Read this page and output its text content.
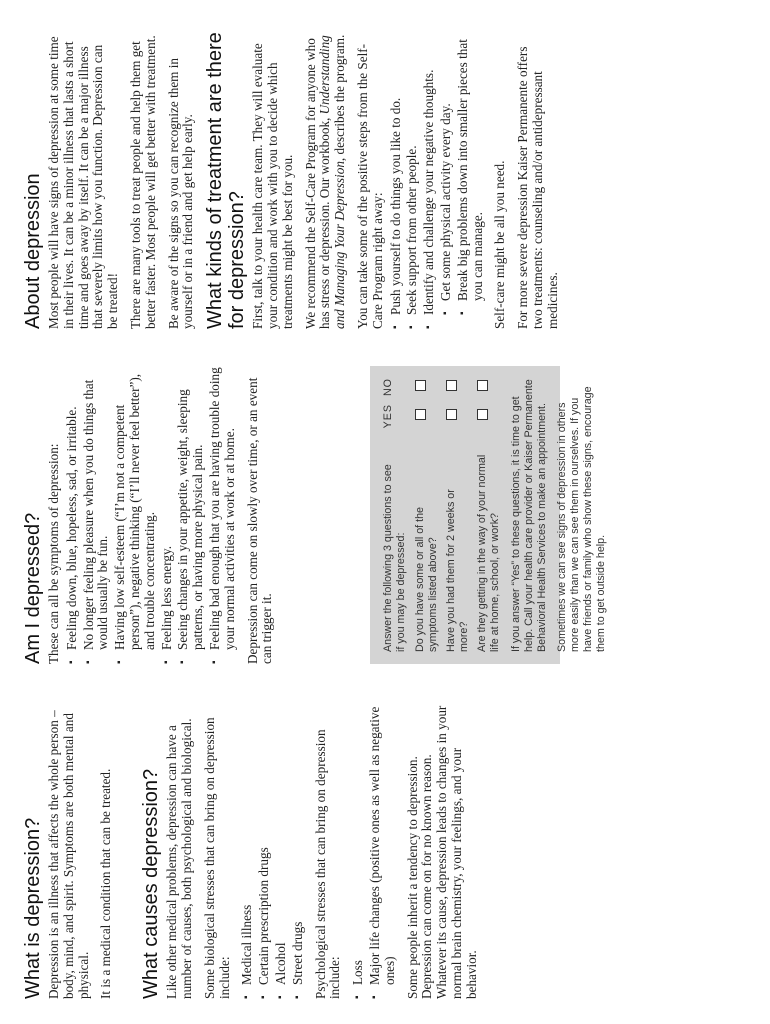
What is depression? Depression is an illness that affects the whole person – body, mind, and spirit. Symptoms are both mental and physical. It is a medical condition that can be treated. What causes depression? Like other medical problems, depression can have a number of causes, both psychological and biological. Some biological stresses that can bring on depression include: ▪ Medical illness ▪ Certain prescription drugs ▪ Alcohol ▪ Street drugs Psychological stresses that can bring on depression include: ▪ Loss ▪ Major life changes (positive ones as well as negative ones) Some people inherit a tendency to depression. Depression can come on for no known reason. Whatever its cause, depression leads to changes in your normal brain chemistry, your feelings, and your behavior.

Am I depressed? These can all be symptoms of depression: ▪ Feeling down, blue, hopeless, sad, or irritable. ▪ No longer feeling pleasure when you do things that would usually be fun. ▪ Having low self-esteem (“I’m not a competent person”), negative thinking (“I’ll never feel better”), and trouble concentrating. ▪ Feeling less energy. ▪ Seeing changes in your appetite, weight, sleeping patterns, or having more physical pain. ▪ Feeling bad enough that you are having trouble doing your normal activities at work or at home. Depression can come on slowly over time, or an event can trigger it.	Answer the following 3 questions to see if you may be depressed:
YES  NO
Do you have some or all of the symptoms listed above? Have you had them for 2 weeks or more? Are they getting in the way of your normal life at home, school, or work? If you answer “Yes” to these questions, it is time to get help. Call your health care provider or Kaiser Permanente Behavioral Health Services to make an appointment. Sometimes we can see signs of depression in others more easily than we can see them in ourselves. If you have friends or family who show these signs, encourage them to get outside help.

About depression Most people will have signs of depression at some time in their lives. It can be a minor illness that lasts a short time and goes away by itself. It can be a major illness that severely limits how you function. Depression can be treated! There are many tools to treat people and help them get better faster. Most people will get better with treatment. Be aware of the signs so you can recognize them in yourself or in a friend and get help early. What kinds of treatment are there for depression? First, talk to your health care team. They will evaluate your condition and work with you to decide which treatments might be best for you. We recommend the Self-Care Program for anyone who has stress or depression. Our workbook, Understanding and Managing Your Depression, describes the program. You can take some of the positive steps from the Self-Care Program right away: ▪ Push yourself to do things you like to do. ▪ Seek support from other people. ▪ Identify and challenge your negative thoughts. ▪ Get some physical activity every day. ▪ Break big problems down into smaller pieces that you can manage. Self-care might be all you need. For more severe depression Kaiser Permanente offers two treatments: counseling and/or antidepressant medicines.
